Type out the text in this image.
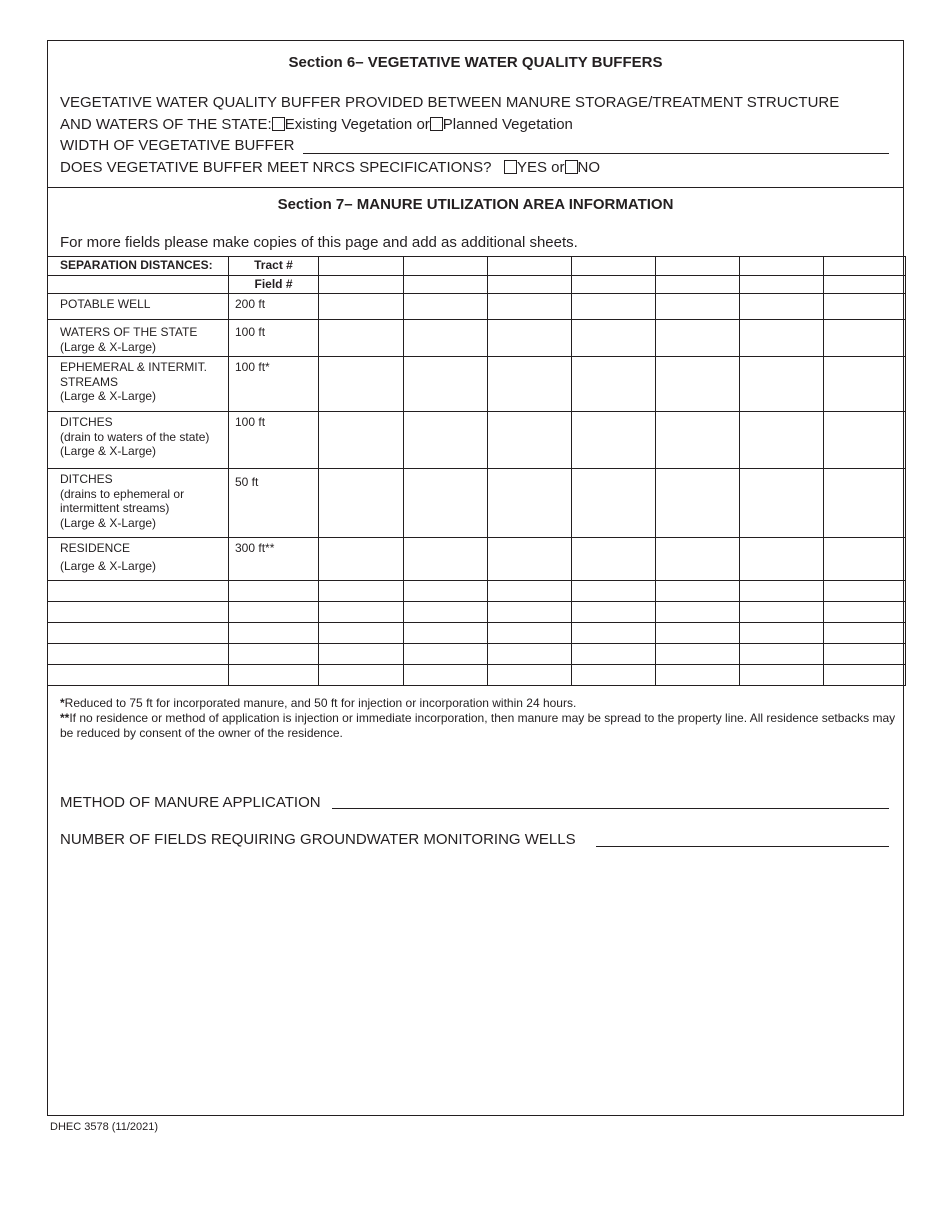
Section 6– VEGETATIVE WATER QUALITY BUFFERS
VEGETATIVE WATER QUALITY BUFFER PROVIDED BETWEEN MANURE STORAGE/TREATMENT STRUCTURE
AND WATERS OF THE STATE: Existing Vegetation or Planned Vegetation
WIDTH OF VEGETATIVE BUFFER
DOES VEGETATIVE BUFFER MEET NRCS SPECIFICATIONS? YES or NO
Section 7– MANURE UTILIZATION AREA INFORMATION
For more fields please make copies of this page and add as additional sheets.
SEPARATION DISTANCES:	Tract #							
	Field #							

POTABLE WELL	200 ft							

WATERS OF THE STATE
(Large & X-Large)	100 ft							

EPHEMERAL & INTERMIT.
STREAMS
(Large & X-Large)	100 ft*							

DITCHES
(drain to waters of the state)
(Large & X-Large)	100 ft							

DITCHES
(drains to ephemeral or
intermittent streams)
(Large & X-Large)	50 ft							

RESIDENCE
(Large & X-Large)	300 ft**							

*Reduced to 75 ft for incorporated manure, and 50 ft for injection or incorporation within 24 hours.
**If no residence or method of application is injection or immediate incorporation, then manure may be spread to the property line. All residence setbacks may be reduced by consent of the owner of the residence.
METHOD OF MANURE APPLICATION
NUMBER OF FIELDS REQUIRING GROUNDWATER MONITORING WELLS
DHEC 3578 (11/2021)
